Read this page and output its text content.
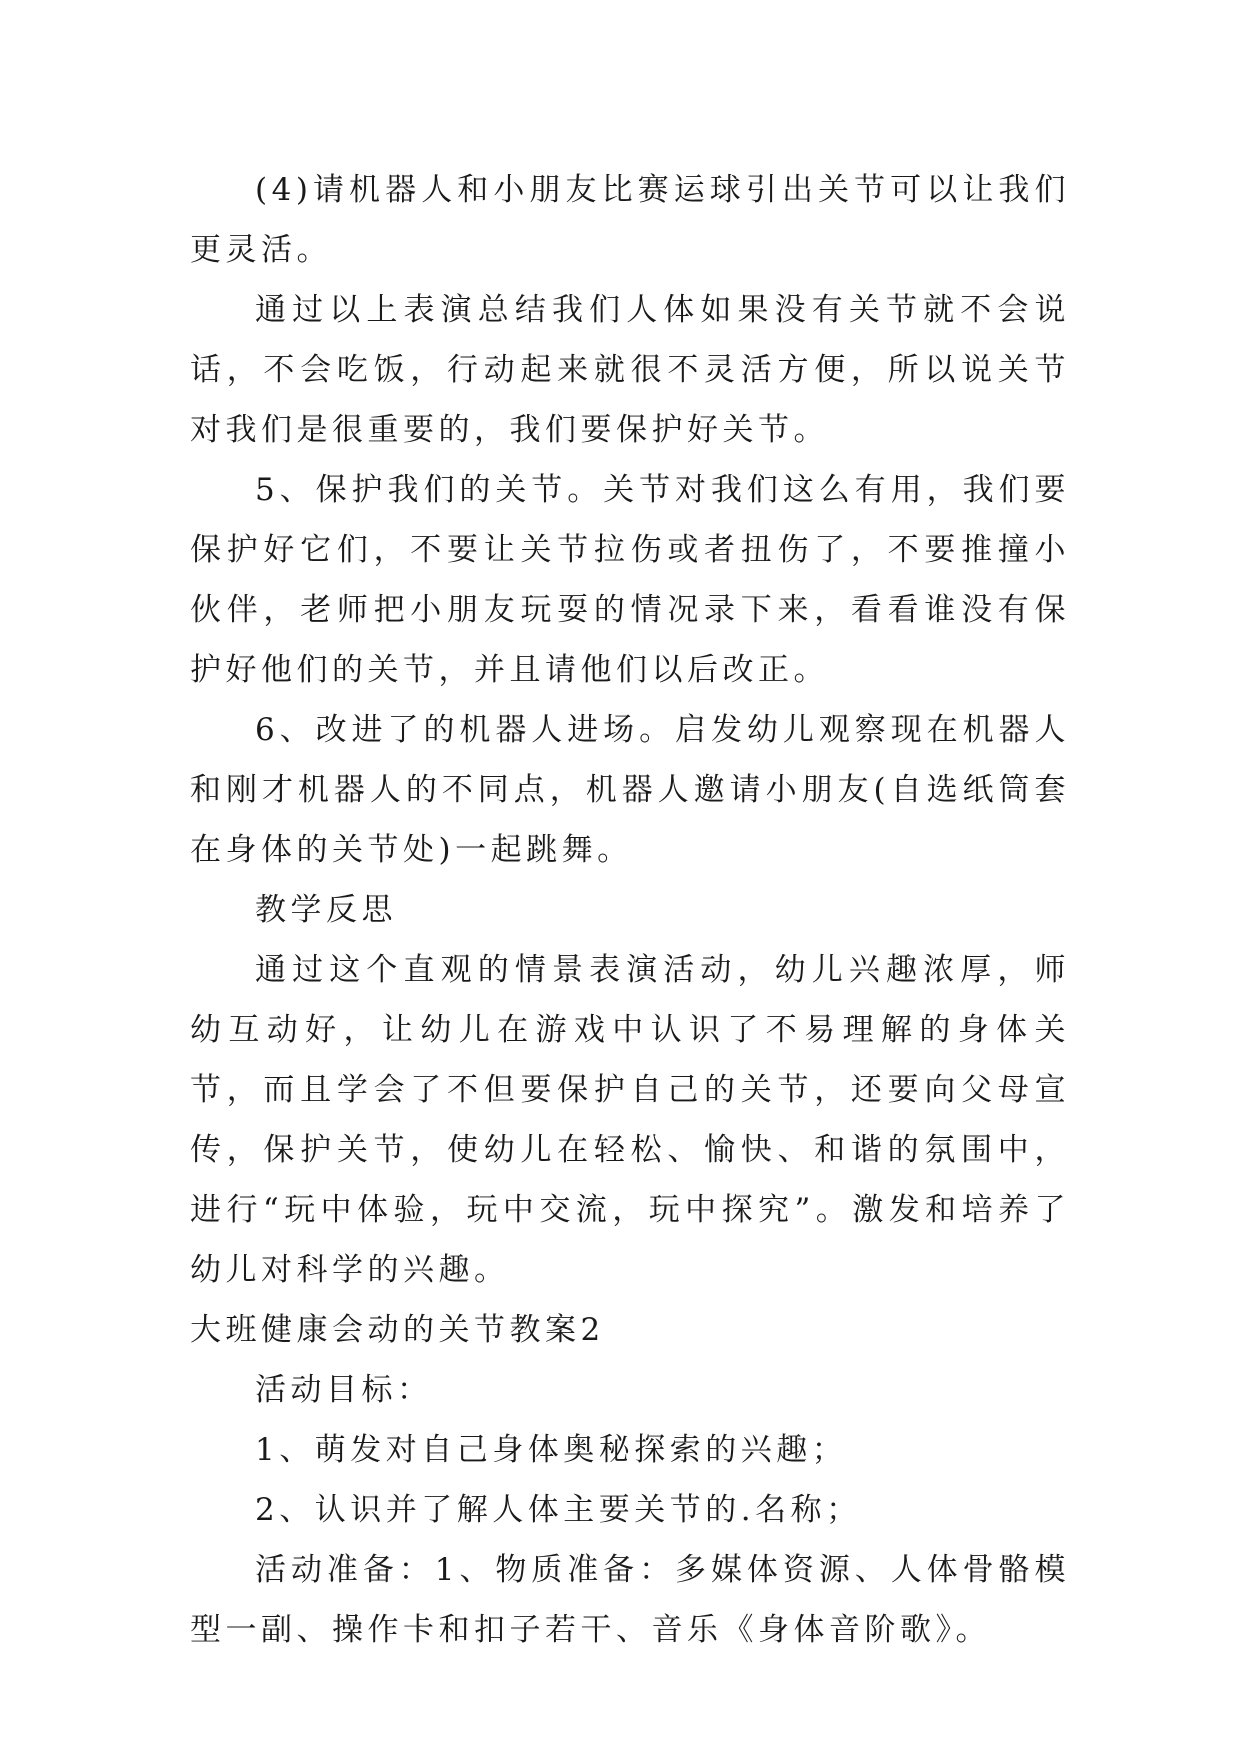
(4)请机器人和小朋友比赛运球引出关节可以让我们更灵活。

通过以上表演总结我们人体如果没有关节就不会说话，不会吃饭，行动起来就很不灵活方便，所以说关节对我们是很重要的，我们要保护好关节。

5、保护我们的关节。关节对我们这么有用，我们要保护好它们，不要让关节拉伤或者扭伤了，不要推撞小伙伴，老师把小朋友玩耍的情况录下来，看看谁没有保护好他们的关节，并且请他们以后改正。

6、改进了的机器人进场。启发幼儿观察现在机器人和刚才机器人的不同点，机器人邀请小朋友(自选纸筒套在身体的关节处)一起跳舞。

教学反思

通过这个直观的情景表演活动，幼儿兴趣浓厚，师幼互动好，让幼儿在游戏中认识了不易理解的身体关节，而且学会了不但要保护自己的关节，还要向父母宣传，保护关节，使幼儿在轻松、愉快、和谐的氛围中，进行“玩中体验，玩中交流，玩中探究”。激发和培养了幼儿对科学的兴趣。

大班健康会动的关节教案2

活动目标：

1、萌发对自己身体奥秘探索的兴趣；

2、认识并了解人体主要关节的.名称；

活动准备：1、物质准备：多媒体资源、人体骨骼模型一副、操作卡和扣子若干、音乐《身体音阶歌》。
